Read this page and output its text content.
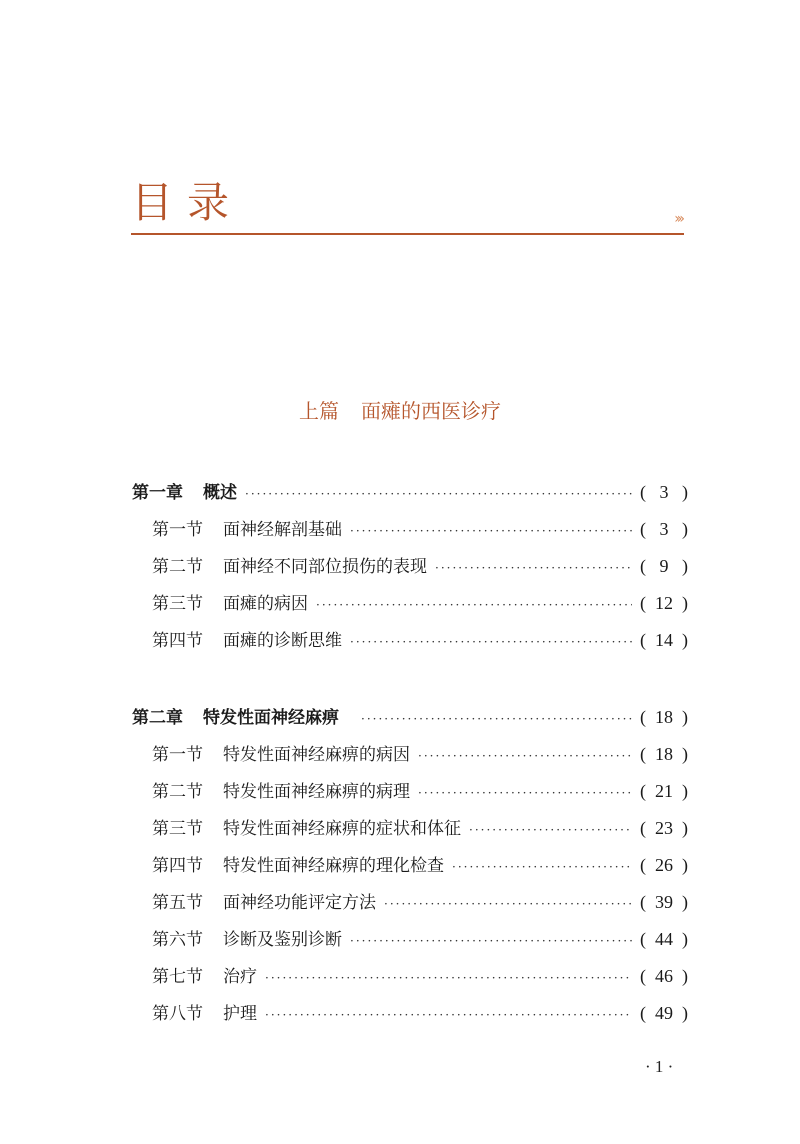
目录	›››
上篇 面瘫的西医诊疗
第一章 概述 ·····	( 3 )
第一节 面神经解剖基础 ·····	( 3 )
第二节 面神经不同部位损伤的表现 ·····	( 9 )
第三节 面瘫的病因 ·····	( 12 )
第四节 面瘫的诊断思维 ·····	( 14 )
第二章 特发性面神经麻痹 ·····	( 18 )
第一节 特发性面神经麻痹的病因 ·····	( 18 )
第二节 特发性面神经麻痹的病理 ·····	( 21 )
第三节 特发性面神经麻痹的症状和体征 ·····	( 23 )
第四节 特发性面神经麻痹的理化检查 ·····	( 26 )
第五节 面神经功能评定方法 ·····	( 39 )
第六节 诊断及鉴别诊断 ·····	( 44 )
第七节 治疗 ·····	( 46 )
第八节 护理 ·····	( 49 )
· 1 ·
